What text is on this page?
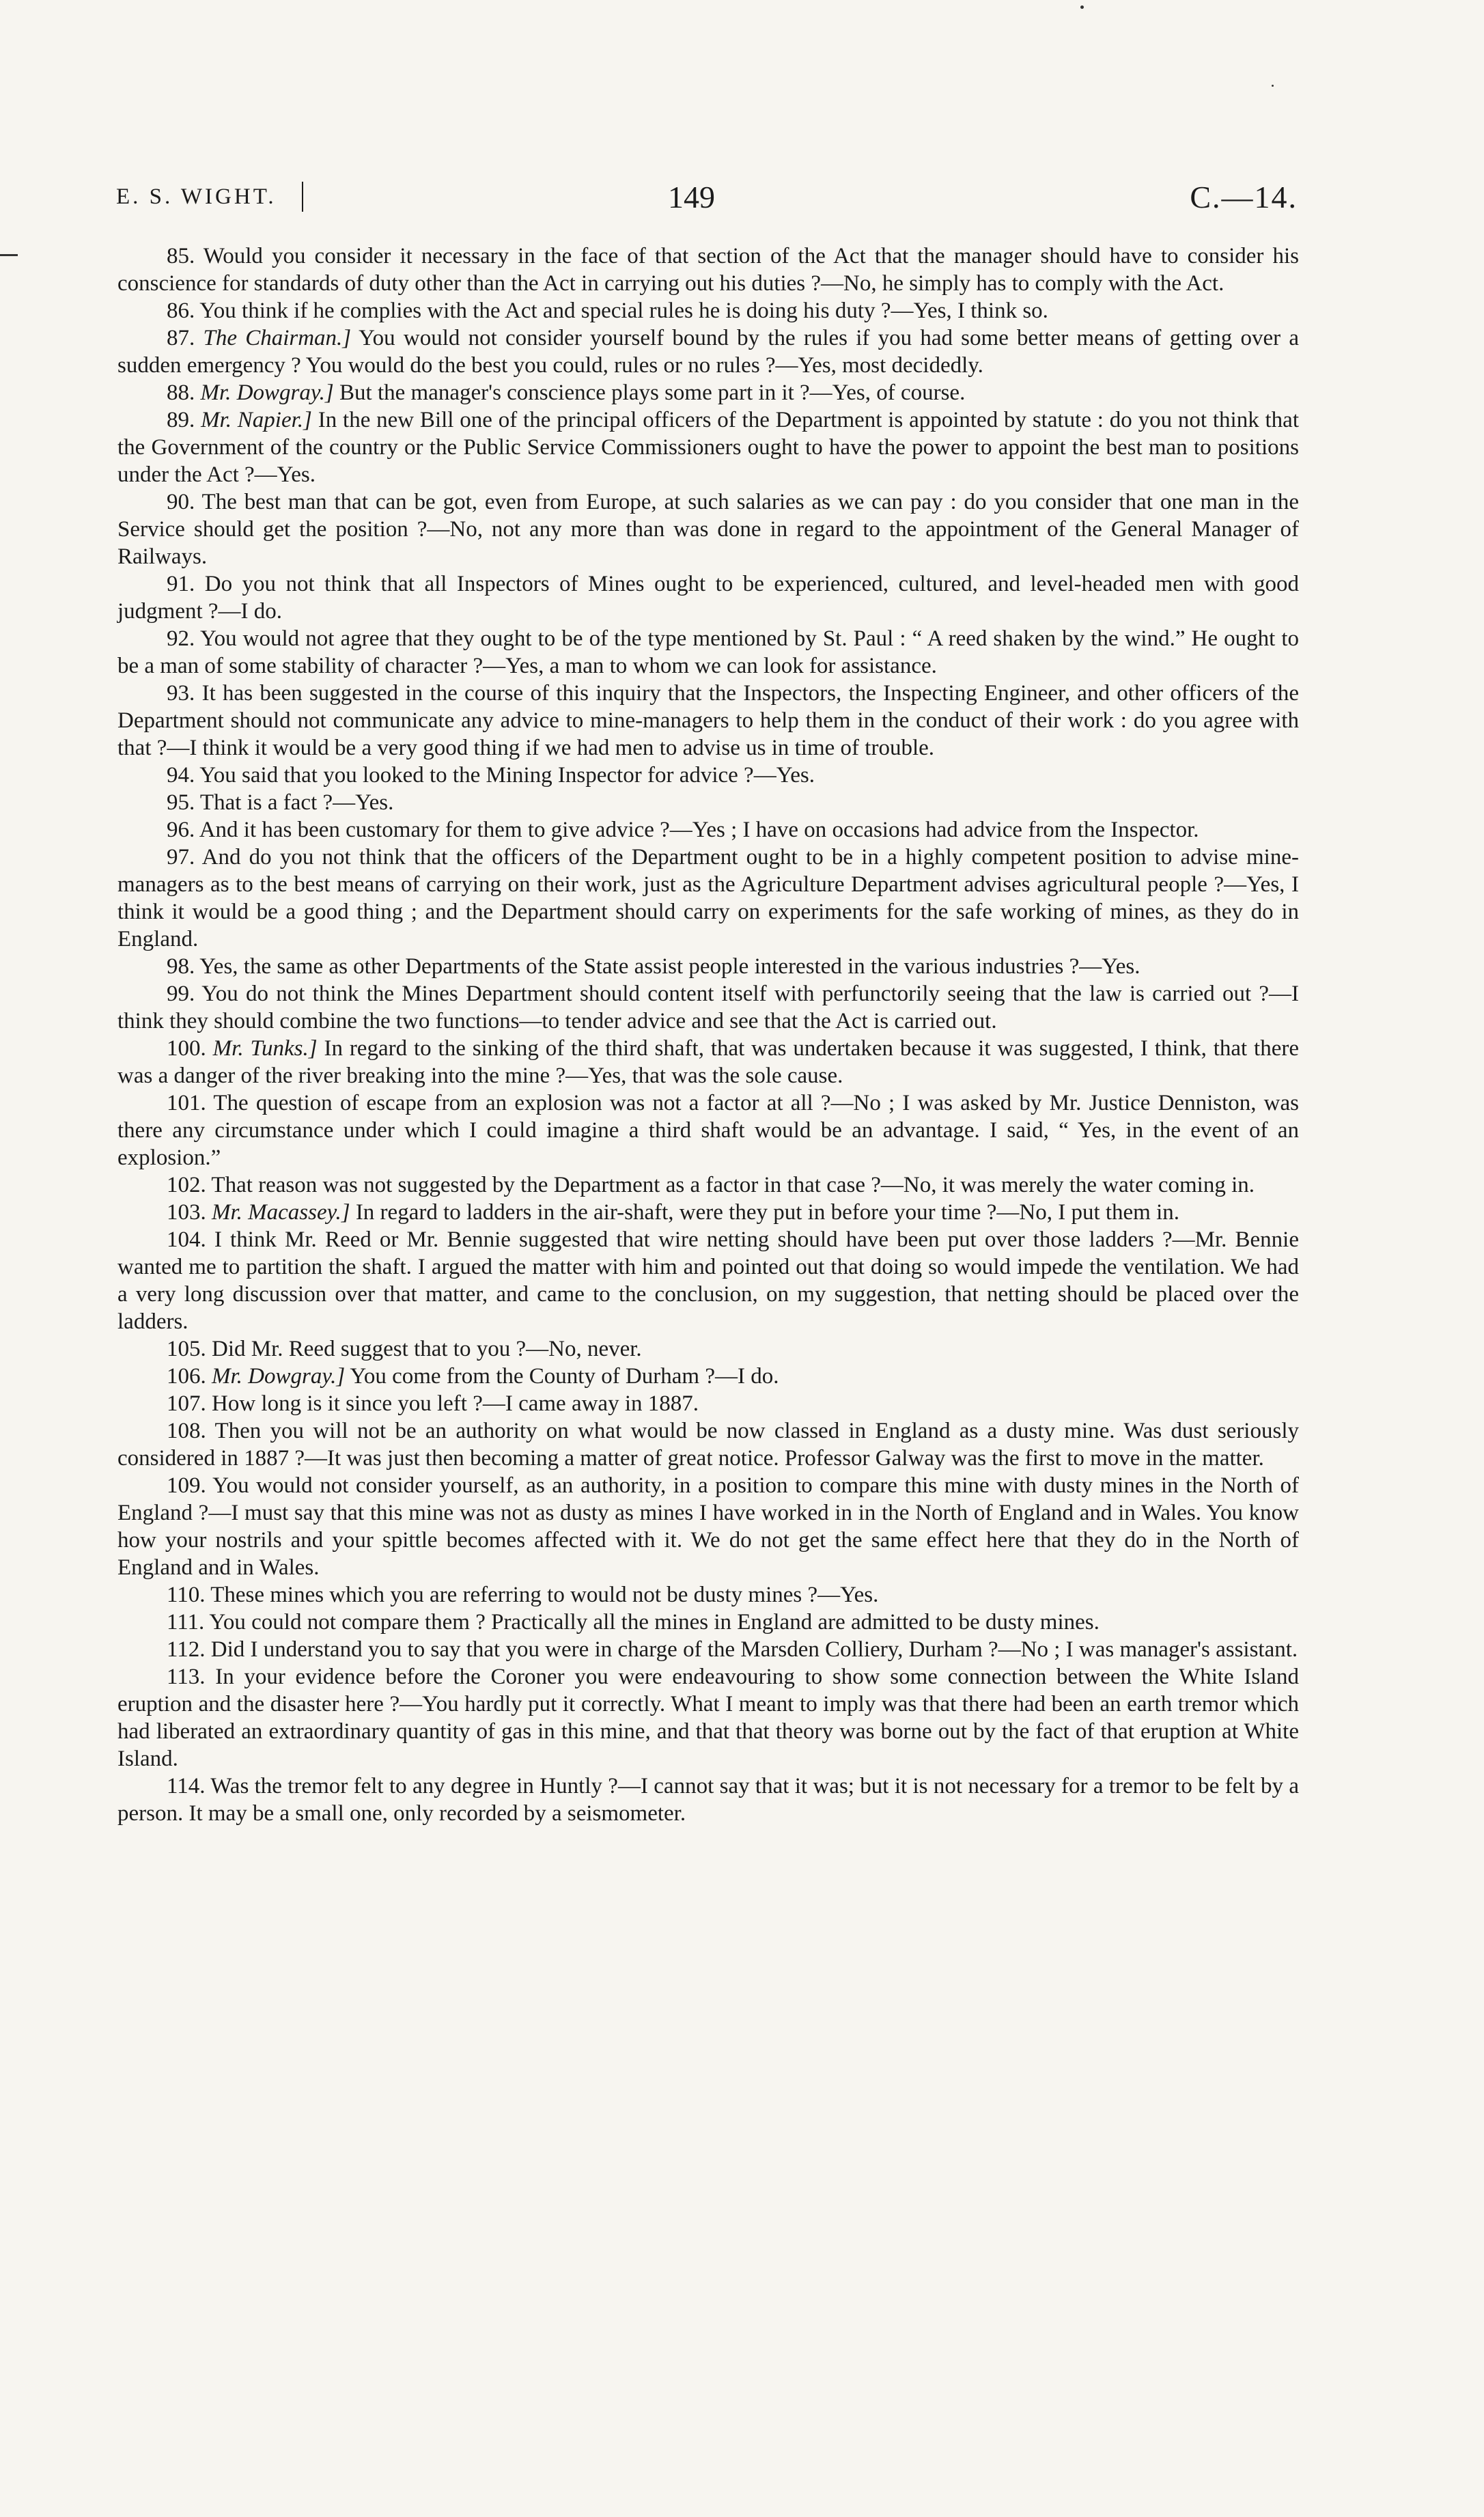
E. S. WIGHT.	149	C.—14.

85. Would you consider it necessary in the face of that section of the Act that the manager should have to consider his conscience for standards of duty other than the Act in carrying out his duties ?—No, he simply has to comply with the Act.

86. You think if he complies with the Act and special rules he is doing his duty ?—Yes, I think so.

87. The Chairman.] You would not consider yourself bound by the rules if you had some better means of getting over a sudden emergency ? You would do the best you could, rules or no rules ?—Yes, most decidedly.

88. Mr. Dowgray.] But the manager's conscience plays some part in it ?—Yes, of course.

89. Mr. Napier.] In the new Bill one of the principal officers of the Department is appointed by statute : do you not think that the Government of the country or the Public Service Commissioners ought to have the power to appoint the best man to positions under the Act ?—Yes.

90. The best man that can be got, even from Europe, at such salaries as we can pay : do you consider that one man in the Service should get the position ?—No, not any more than was done in regard to the appointment of the General Manager of Railways.

91. Do you not think that all Inspectors of Mines ought to be experienced, cultured, and level-headed men with good judgment ?—I do.

92. You would not agree that they ought to be of the type mentioned by St. Paul : “ A reed shaken by the wind.” He ought to be a man of some stability of character ?—Yes, a man to whom we can look for assistance.

93. It has been suggested in the course of this inquiry that the Inspectors, the Inspecting Engineer, and other officers of the Department should not communicate any advice to mine-managers to help them in the conduct of their work : do you agree with that ?—I think it would be a very good thing if we had men to advise us in time of trouble.

94. You said that you looked to the Mining Inspector for advice ?—Yes.

95. That is a fact ?—Yes.

96. And it has been customary for them to give advice ?—Yes ; I have on occasions had advice from the Inspector.

97. And do you not think that the officers of the Department ought to be in a highly competent position to advise mine-managers as to the best means of carrying on their work, just as the Agriculture Department advises agricultural people ?—Yes, I think it would be a good thing ; and the Department should carry on experiments for the safe working of mines, as they do in England.

98. Yes, the same as other Departments of the State assist people interested in the various industries ?—Yes.

99. You do not think the Mines Department should content itself with perfunctorily seeing that the law is carried out ?—I think they should combine the two functions—to tender advice and see that the Act is carried out.

100. Mr. Tunks.] In regard to the sinking of the third shaft, that was undertaken because it was suggested, I think, that there was a danger of the river breaking into the mine ?—Yes, that was the sole cause.

101. The question of escape from an explosion was not a factor at all ?—No ; I was asked by Mr. Justice Denniston, was there any circumstance under which I could imagine a third shaft would be an advantage. I said, “ Yes, in the event of an explosion.”

102. That reason was not suggested by the Department as a factor in that case ?—No, it was merely the water coming in.

103. Mr. Macassey.] In regard to ladders in the air-shaft, were they put in before your time ?—No, I put them in.

104. I think Mr. Reed or Mr. Bennie suggested that wire netting should have been put over those ladders ?—Mr. Bennie wanted me to partition the shaft. I argued the matter with him and pointed out that doing so would impede the ventilation. We had a very long discussion over that matter, and came to the conclusion, on my suggestion, that netting should be placed over the ladders.

105. Did Mr. Reed suggest that to you ?—No, never.

106. Mr. Dowgray.] You come from the County of Durham ?—I do.

107. How long is it since you left ?—I came away in 1887.

108. Then you will not be an authority on what would be now classed in England as a dusty mine. Was dust seriously considered in 1887 ?—It was just then becoming a matter of great notice. Professor Galway was the first to move in the matter.

109. You would not consider yourself, as an authority, in a position to compare this mine with dusty mines in the North of England ?—I must say that this mine was not as dusty as mines I have worked in in the North of England and in Wales. You know how your nostrils and your spittle becomes affected with it. We do not get the same effect here that they do in the North of England and in Wales.

110. These mines which you are referring to would not be dusty mines ?—Yes.

111. You could not compare them ? Practically all the mines in England are admitted to be dusty mines.

112. Did I understand you to say that you were in charge of the Marsden Colliery, Durham ?—No ; I was manager's assistant.

113. In your evidence before the Coroner you were endeavouring to show some connection between the White Island eruption and the disaster here ?—You hardly put it correctly. What I meant to imply was that there had been an earth tremor which had liberated an extraordinary quantity of gas in this mine, and that that theory was borne out by the fact of that eruption at White Island.

114. Was the tremor felt to any degree in Huntly ?—I cannot say that it was; but it is not necessary for a tremor to be felt by a person. It may be a small one, only recorded by a seismometer.
